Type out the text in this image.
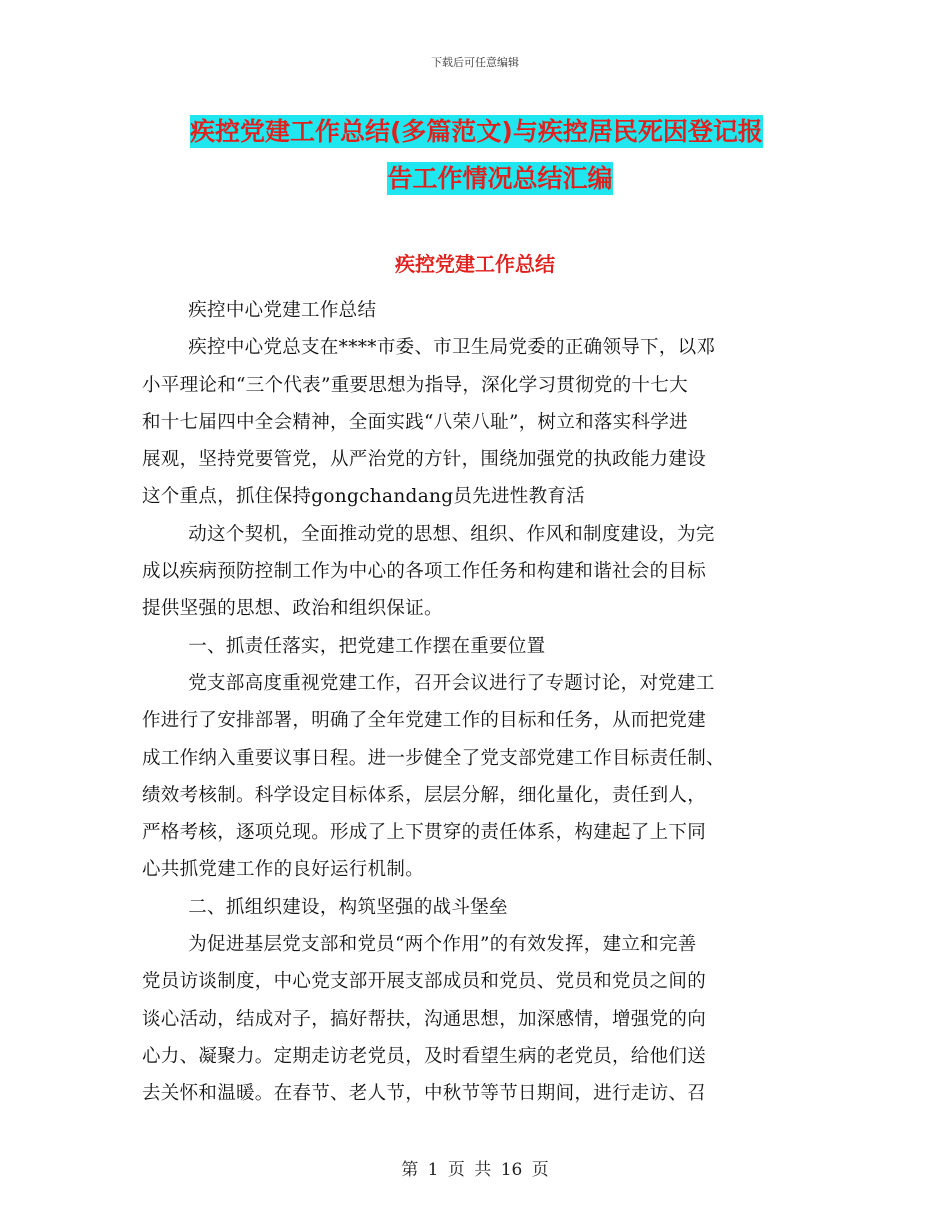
下载后可任意编辑
疾控党建工作总结(多篇范文)与疾控居民死因登记报
告工作情况总结汇编
疾控党建工作总结

疾控中心党建工作总结

疾控中心党总支在****市委、市卫生局党委的正确领导下，以邓

小平理论和“三个代表”重要思想为指导，深化学习贯彻党的十七大

和十七届四中全会精神，全面实践“八荣八耻”，树立和落实科学进

展观，坚持党要管党，从严治党的方针，围绕加强党的执政能力建设

这个重点，抓住保持gongchandang员先进性教育活

动这个契机，全面推动党的思想、组织、作风和制度建设，为完

成以疾病预防控制工作为中心的各项工作任务和构建和谐社会的目标

提供坚强的思想、政治和组织保证。

一、抓责任落实，把党建工作摆在重要位置

党支部高度重视党建工作，召开会议进行了专题讨论，对党建工

作进行了安排部署，明确了全年党建工作的目标和任务，从而把党建

成工作纳入重要议事日程。进一步健全了党支部党建工作目标责任制、

绩效考核制。科学设定目标体系，层层分解，细化量化，责任到人，

严格考核，逐项兑现。形成了上下贯穿的责任体系，构建起了上下同

心共抓党建工作的良好运行机制。

二、抓组织建设，构筑坚强的战斗堡垒

为促进基层党支部和党员“两个作用”的有效发挥，建立和完善

党员访谈制度，中心党支部开展支部成员和党员、党员和党员之间的

谈心活动，结成对子，搞好帮扶，沟通思想，加深感情，增强党的向

心力、凝聚力。定期走访老党员，及时看望生病的老党员，给他们送

去关怀和温暖。在春节、老人节，中秋节等节日期间，进行走访、召

第 1 页 共 16 页
